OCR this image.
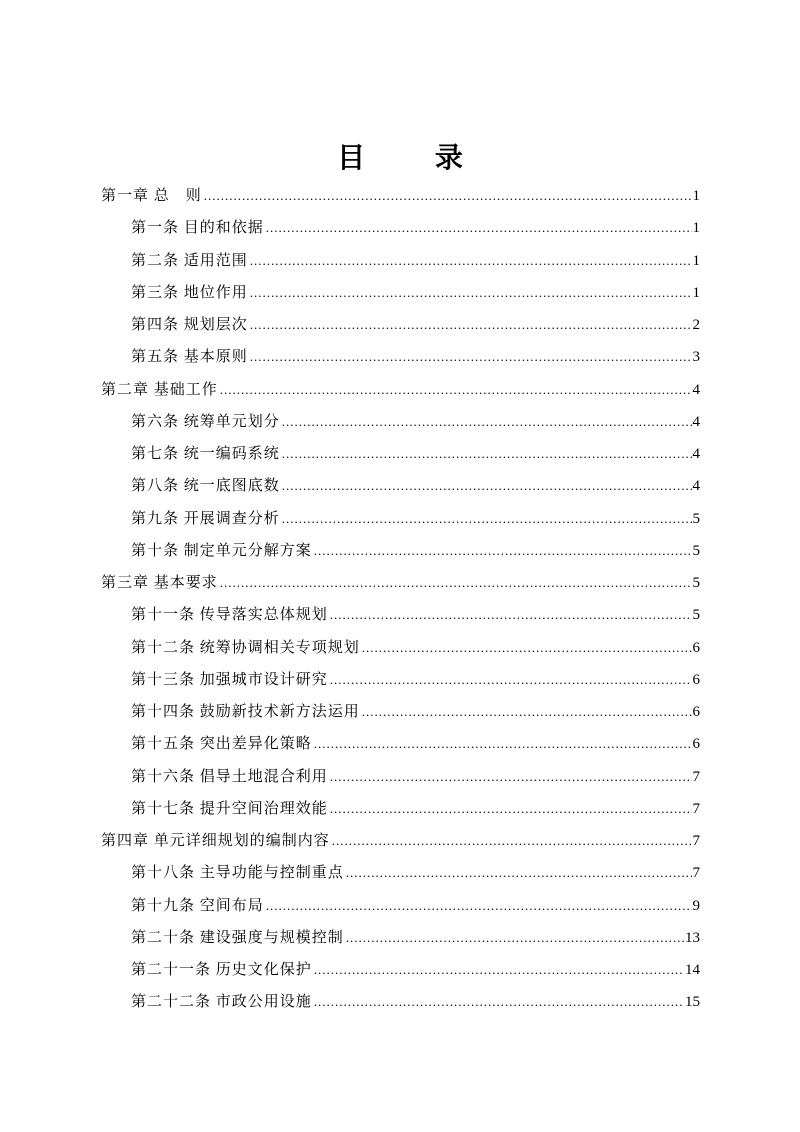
目 录
第一章 总　则 .....	1
第一条 目的和依据 .....	1
第二条 适用范围 .....	1
第三条 地位作用 .....	1
第四条 规划层次 .....	2
第五条 基本原则 .....	3
第二章 基础工作 .....	4
第六条 统筹单元划分 .....	4
第七条 统一编码系统 .....	4
第八条 统一底图底数 .....	4
第九条 开展调查分析 .....	5
第十条 制定单元分解方案 .....	5
第三章 基本要求 .....	5
第十一条 传导落实总体规划 .....	5
第十二条 统筹协调相关专项规划 .....	6
第十三条 加强城市设计研究 .....	6
第十四条 鼓励新技术新方法运用 .....	6
第十五条 突出差异化策略 .....	6
第十六条 倡导土地混合利用 .....	7
第十七条 提升空间治理效能 .....	7
第四章 单元详细规划的编制内容 .....	7
第十八条 主导功能与控制重点 .....	7
第十九条 空间布局 .....	9
第二十条 建设强度与规模控制 .....	13
第二十一条 历史文化保护 .....	14
第二十二条 市政公用设施 .....	15
